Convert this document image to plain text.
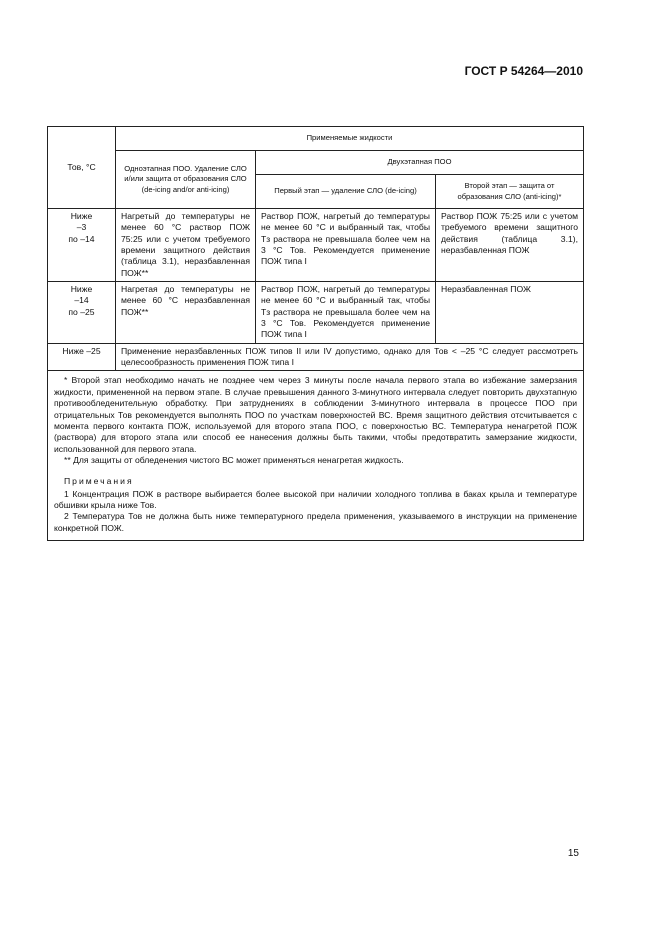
ГОСТ Р 54264—2010
Тов, °С	Применяемые жидкости		
	Одноэтапная ПОО. Удаление СЛО и/или защита от образования СЛО (de-icing and/or anti-icing)	Двухэтапная ПОО	
		Первый этап — удаление СЛО (de-icing)	Второй этап — защита от образования СЛО (anti-icing)*

Ниже
–3
по –14	Нагретый до температуры не менее 60 °С раствор ПОЖ 75:25 или с учетом требуемого времени защитного действия (таблица 3.1), неразбавленная ПОЖ**	Раствор ПОЖ, нагретый до температуры не менее 60 °С и выбранный так, чтобы Тз раствора не превышала более чем на 3 °С Тов. Рекомендуется применение ПОЖ типа I	Раствор ПОЖ 75:25 или с учетом требуемого времени защитного действия (таблица 3.1), неразбавленная ПОЖ

Ниже
–14
по –25	Нагретая до температуры не менее 60 °С неразбавленная ПОЖ**	Раствор ПОЖ, нагретый до температуры не менее 60 °С и выбранный так, чтобы Тз раствора не превышала более чем на 3 °С Тов. Рекомендуется применение ПОЖ типа I	Неразбавленная ПОЖ
Ниже –25	Применение неразбавленных ПОЖ типов II или IV допустимо, однако для Тов < –25 °С следует рассмотреть целесообразность применения ПОЖ типа I		

* Второй этап необходимо начать не позднее чем через 3 минуты после начала первого этапа во избежание замерзания жидкости, примененной на первом этапе. В случае превышения данного 3-минутного интервала следует повторить двухэтапную противообледенительную обработку. При затруднениях в соблюдении 3-минутного интервала в процессе ПОО при отрицательных Тов рекомендуется выполнять ПОО по участкам поверхностей ВС. Время защитного действия отсчитывается с момента первого контакта ПОЖ, используемой для второго этапа ПОО, с поверхностью ВС. Температура ненагретой ПОЖ (раствора) для второго этапа или способ ее нанесения должны быть такими, чтобы предотвратить замерзание жидкости, использованной для первого этапа.

** Для защиты от обледенения чистого ВС может применяться ненагретая жидкость.

Примечания

1 Концентрация ПОЖ в растворе выбирается более высокой при наличии холодного топлива в баках крыла и температуре обшивки крыла ниже Тов.

2 Температура Тов не должна быть ниже температурного предела применения, указываемого в инструкции на применение конкретной ПОЖ.			

15
